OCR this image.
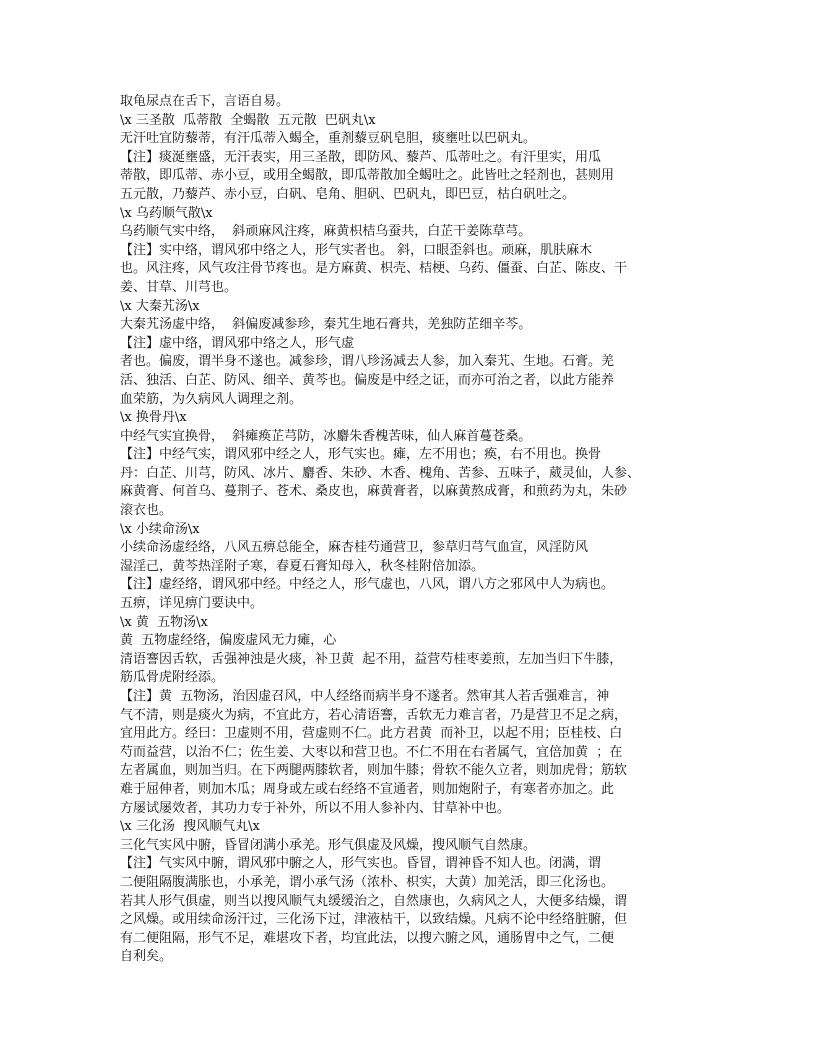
取龟尿点在舌下，言语自易。
\x 三圣散  瓜蒂散  全蝎散  五元散  巴矾丸\x
无汗吐宜防藜蒂，有汗瓜蒂入蝎全，重剂藜豆矾皂胆，痰壅吐以巴矾丸。
【注】痰涎壅盛，无汗表实，用三圣散，即防风、藜芦、瓜蒂吐之。有汗里实，用瓜
蒂散，即瓜蒂、赤小豆，或用全蝎散，即瓜蒂散加全蝎吐之。此皆吐之轻剂也，甚则用
五元散，乃藜芦、赤小豆，白矾、皂角、胆矾、巴矾丸，即巴豆，枯白矾吐之。
\x 乌药顺气散\x
乌药顺气实中络，  斜顽麻风注疼，麻黄枳桔乌蚕共，白芷干姜陈草芎。
【注】实中络，谓风邪中络之人，形气实者也。 斜，口眼歪斜也。顽麻，肌肤麻木
也。风注疼，风气攻注骨节疼也。是方麻黄、枳壳、桔梗、乌药、僵蚕、白芷、陈皮、干
姜、甘草、川芎也。
\x 大秦艽汤\x
大秦艽汤虚中络，  斜偏废减参珍，秦艽生地石膏共，羌独防芷细辛芩。
【注】虚中络，谓风邪中络之人，形气虚
者也。偏废，谓半身不遂也。减参珍，谓八珍汤减去人参，加入秦艽、生地。石膏。羌
活、独活、白芷、防风、细辛、黄芩也。偏废是中经之证，而亦可治之者，以此方能养
血荣筋，为久病风人调理之剂。
\x 换骨丹\x
中经气实宜换骨，  斜瘫痪芷芎防，冰麝朱香槐苦味，仙人麻首蔓苍桑。
【注】中经气实，谓风邪中经之人，形气实也。瘫，左不用也；痪，右不用也。换骨
丹：白芷、川芎，防风、冰片、麝香、朱砂、木香、槐角、苦参、五味子，葳灵仙，人参、
麻黄膏、何首乌、蔓荆子、苍术、桑皮也，麻黄膏者，以麻黄熬成膏，和煎药为丸，朱砂
滚衣也。
\x 小续命汤\x
小续命汤虚经络，八风五痹总能全，麻杏桂芍通营卫，参草归芎气血宣，风淫防风
湿淫己，黄芩热淫附子寒，春夏石膏知母入，秋冬桂附倍加添。
【注】虚经络，谓风邪中经。中经之人，形气虚也，八风，谓八方之邪风中人为病也。
五痹，详见痹门要诀中。
\x 黄  五物汤\x
黄  五物虚经络，偏废虚风无力瘫，心
清语謇因舌软，舌强神浊是火痰，补卫黄  起不用，益营芍桂枣姜煎，左加当归下牛膝，
筋瓜骨虎附经添。
【注】黄  五物汤，治因虚召风，中人经络而病半身不遂者。然审其人若舌强难言，神
气不清，则是痰火为病，不宜此方，若心清语謇，舌软无力难言者，乃是营卫不足之病，
宜用此方。经曰：卫虚则不用，营虚则不仁。此方君黄  而补卫，以起不用；臣桂枝、白
芍而益营，以治不仁；佐生姜、大枣以和营卫也。不仁不用在右者属气，宜倍加黄  ；在
左者属血，则加当归。在下两腿两膝软者，则加牛膝；骨软不能久立者，则加虎骨；筋软
难于屈伸者，则加木瓜；周身或左或右经络不宣通者，则加炮附子，有寒者亦加之。此
方屡试屡效者，其功力专于补外，所以不用人参补内、甘草补中也。
\x 三化汤  搜风顺气丸\x
三化气实风中腑，昏冒闭满小承羌。形气俱虚及风燥，搜风顺气自然康。
【注】气实风中腑，谓风邪中腑之人，形气实也。昏冒，谓神昏不知人也。闭满，谓
二便阻隔腹满胀也，小承羌，谓小承气汤（浓朴、枳实，大黄）加羌活，即三化汤也。
若其人形气俱虚，则当以搜风顺气丸缓缓治之，自然康也，久病风之人，大便多结燥，谓
之风燥。或用续命汤汗过，三化汤下过，津液枯干，以致结燥。凡病不论中经络脏腑，但
有二便阻隔，形气不足，难堪攻下者，均宜此法，以搜六腑之风，通肠胃中之气，二便
自利矣。
